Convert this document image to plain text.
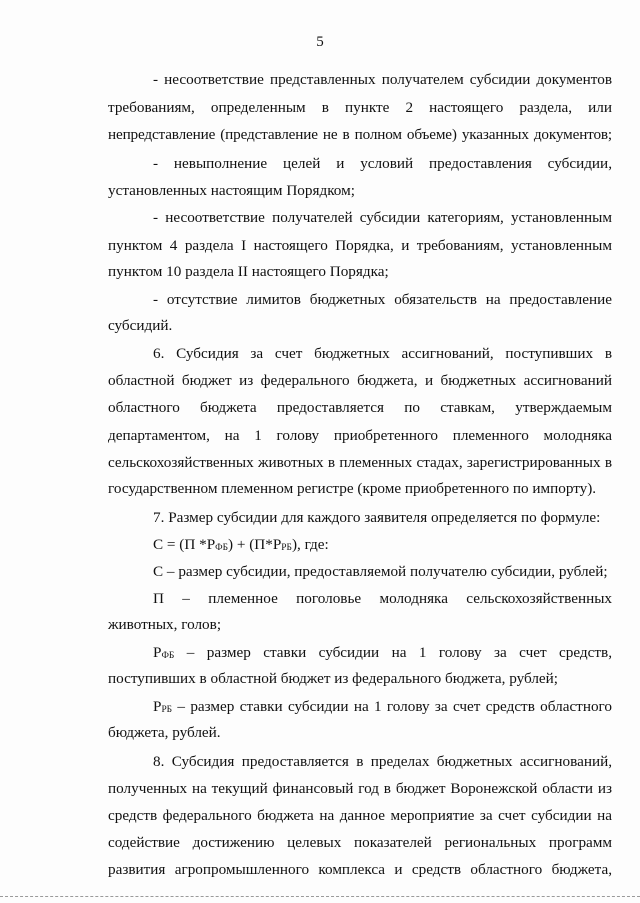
5
- несоответствие представленных получателем субсидии документов
требованиям, определенным в пункте 2 настоящего раздела, или
непредставление (представление не в полном объеме) указанных документов;
- невыполнение целей и условий предоставления субсидии,
установленных настоящим Порядком;
- несоответствие получателей субсидии категориям, установленным
пунктом 4 раздела I настоящего Порядка, и требованиям, установленным
пунктом 10 раздела II настоящего Порядка;
- отсутствие лимитов бюджетных обязательств на предоставление
субсидий.
6. Субсидия за счет бюджетных ассигнований, поступивших в
областной бюджет из федерального бюджета, и бюджетных ассигнований
областного бюджета предоставляется по ставкам, утверждаемым
департаментом, на 1 голову приобретенного племенного молодняка
сельскохозяйственных животных в племенных стадах, зарегистрированных в
государственном племенном регистре (кроме приобретенного по импорту).
7. Размер субсидии для каждого заявителя определяется по формуле:
С = (П $*Р_{ФБ}) + (П*Р_{РБ})$, где:
С – размер субсидии, предоставляемой получателю субсидии, рублей;
П – племенное поголовье молодняка сельскохозяйственных
животных, голов;
$Р_{ФБ}$ – размер ставки субсидии на 1 голову за счет средств,
поступивших в областной бюджет из федерального бюджета, рублей;
$Р_{РБ}$ – размер ставки субсидии на 1 голову за счет средств областного
бюджета, рублей.
8. Субсидия предоставляется в пределах бюджетных ассигнований,
полученных на текущий финансовый год в бюджет Воронежской области из
средств федерального бюджета на данное мероприятие за счет субсидии на
содействие достижению целевых показателей региональных программ
развития агропромышленного комплекса и средств областного бюджета,
